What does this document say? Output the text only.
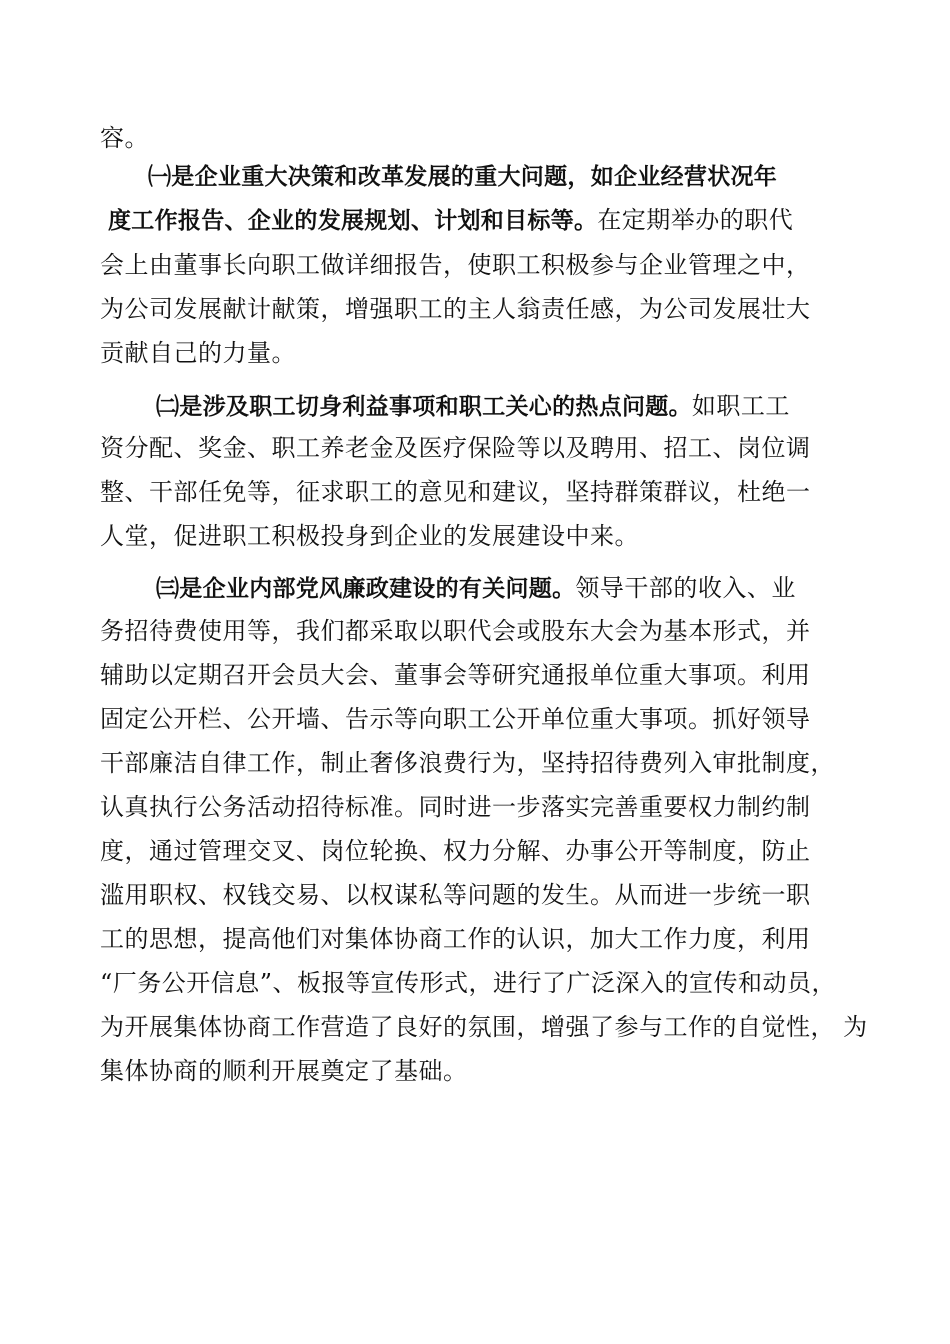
容。
㈠是企业重大决策和改革发展的重大问题，如企业经营状况年
度工作报告、企业的发展规划、计划和目标等。在定期举办的职代
会上由董事长向职工做详细报告，使职工积极参与企业管理之中，
为公司发展献计献策，增强职工的主人翁责任感，为公司发展壮大
贡献自己的力量。
㈡是涉及职工切身利益事项和职工关心的热点问题。如职工工
资分配、奖金、职工养老金及医疗保险等以及聘用、招工、岗位调
整、干部任免等，征求职工的意见和建议，坚持群策群议，杜绝一
人堂，促进职工积极投身到企业的发展建设中来。
㈢是企业内部党风廉政建设的有关问题。领导干部的收入、业
务招待费使用等，我们都采取以职代会或股东大会为基本形式，并
辅助以定期召开会员大会、董事会等研究通报单位重大事项。利用
固定公开栏、公开墙、告示等向职工公开单位重大事项。抓好领导
干部廉洁自律工作，制止奢侈浪费行为，坚持招待费列入审批制度，
认真执行公务活动招待标准。同时进一步落实完善重要权力制约制
度，通过管理交叉、岗位轮换、权力分解、办事公开等制度，防止
滥用职权、权钱交易、以权谋私等问题的发生。从而进一步统一职
工的思想，提高他们对集体协商工作的认识，加大工作力度，利用
“厂务公开信息”、板报等宣传形式，进行了广泛深入的宣传和动员，
为开展集体协商工作营造了良好的氛围，增强了参与工作的自觉性， 为
集体协商的顺利开展奠定了基础。
